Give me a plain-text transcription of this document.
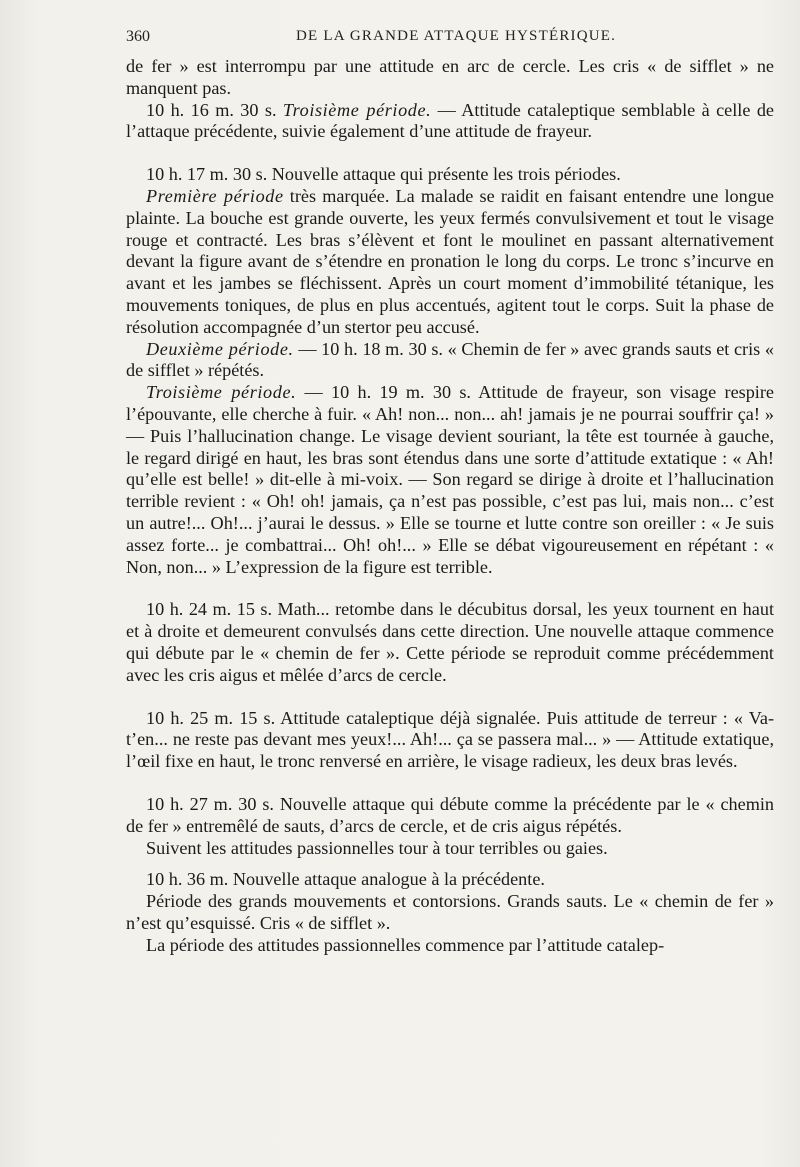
360	DE LA GRANDE ATTAQUE HYSTÉRIQUE.

de fer » est interrompu par une attitude en arc de cercle. Les cris « de sifflet » ne manquent pas.

10 h. 16 m. 30 s. Troisième période. — Attitude cataleptique semblable à celle de l’attaque précédente, suivie également d’une attitude de frayeur.

10 h. 17 m. 30 s. Nouvelle attaque qui présente les trois périodes.

Première période très marquée. La malade se raidit en faisant entendre une longue plainte. La bouche est grande ouverte, les yeux fermés convulsivement et tout le visage rouge et contracté. Les bras s’élèvent et font le moulinet en passant alternativement devant la figure avant de s’étendre en pronation le long du corps. Le tronc s’incurve en avant et les jambes se fléchissent. Après un court moment d’immobilité tétanique, les mouvements toniques, de plus en plus accentués, agitent tout le corps. Suit la phase de résolution accompagnée d’un stertor peu accusé.

Deuxième période. — 10 h. 18 m. 30 s. « Chemin de fer » avec grands sauts et cris « de sifflet » répétés.

Troisième période. — 10 h. 19 m. 30 s. Attitude de frayeur, son visage respire l’épouvante, elle cherche à fuir. « Ah! non... non... ah! jamais je ne pourrai souffrir ça! » — Puis l’hallucination change. Le visage devient souriant, la tête est tournée à gauche, le regard dirigé en haut, les bras sont étendus dans une sorte d’attitude extatique : « Ah! qu’elle est belle! » dit-elle à mi-voix. — Son regard se dirige à droite et l’hallucination terrible revient : « Oh! oh! jamais, ça n’est pas possible, c’est pas lui, mais non... c’est un autre!... Oh!... j’aurai le dessus. » Elle se tourne et lutte contre son oreiller : « Je suis assez forte... je combattrai... Oh! oh!... » Elle se débat vigoureusement en répétant : « Non, non... » L’expression de la figure est terrible.

10 h. 24 m. 15 s. Math... retombe dans le décubitus dorsal, les yeux tournent en haut et à droite et demeurent convulsés dans cette direction. Une nouvelle attaque commence qui débute par le « chemin de fer ». Cette période se reproduit comme précédemment avec les cris aigus et mêlée d’arcs de cercle.

10 h. 25 m. 15 s. Attitude cataleptique déjà signalée. Puis attitude de terreur : « Va-t’en... ne reste pas devant mes yeux!... Ah!... ça se passera mal... » — Attitude extatique, l’œil fixe en haut, le tronc renversé en arrière, le visage radieux, les deux bras levés.

10 h. 27 m. 30 s. Nouvelle attaque qui débute comme la précédente par le « chemin de fer » entremêlé de sauts, d’arcs de cercle, et de cris aigus répétés.

Suivent les attitudes passionnelles tour à tour terribles ou gaies.

10 h. 36 m. Nouvelle attaque analogue à la précédente.

Période des grands mouvements et contorsions. Grands sauts. Le « chemin de fer » n’est qu’esquissé. Cris « de sifflet ».

La période des attitudes passionnelles commence par l’attitude catalep-
